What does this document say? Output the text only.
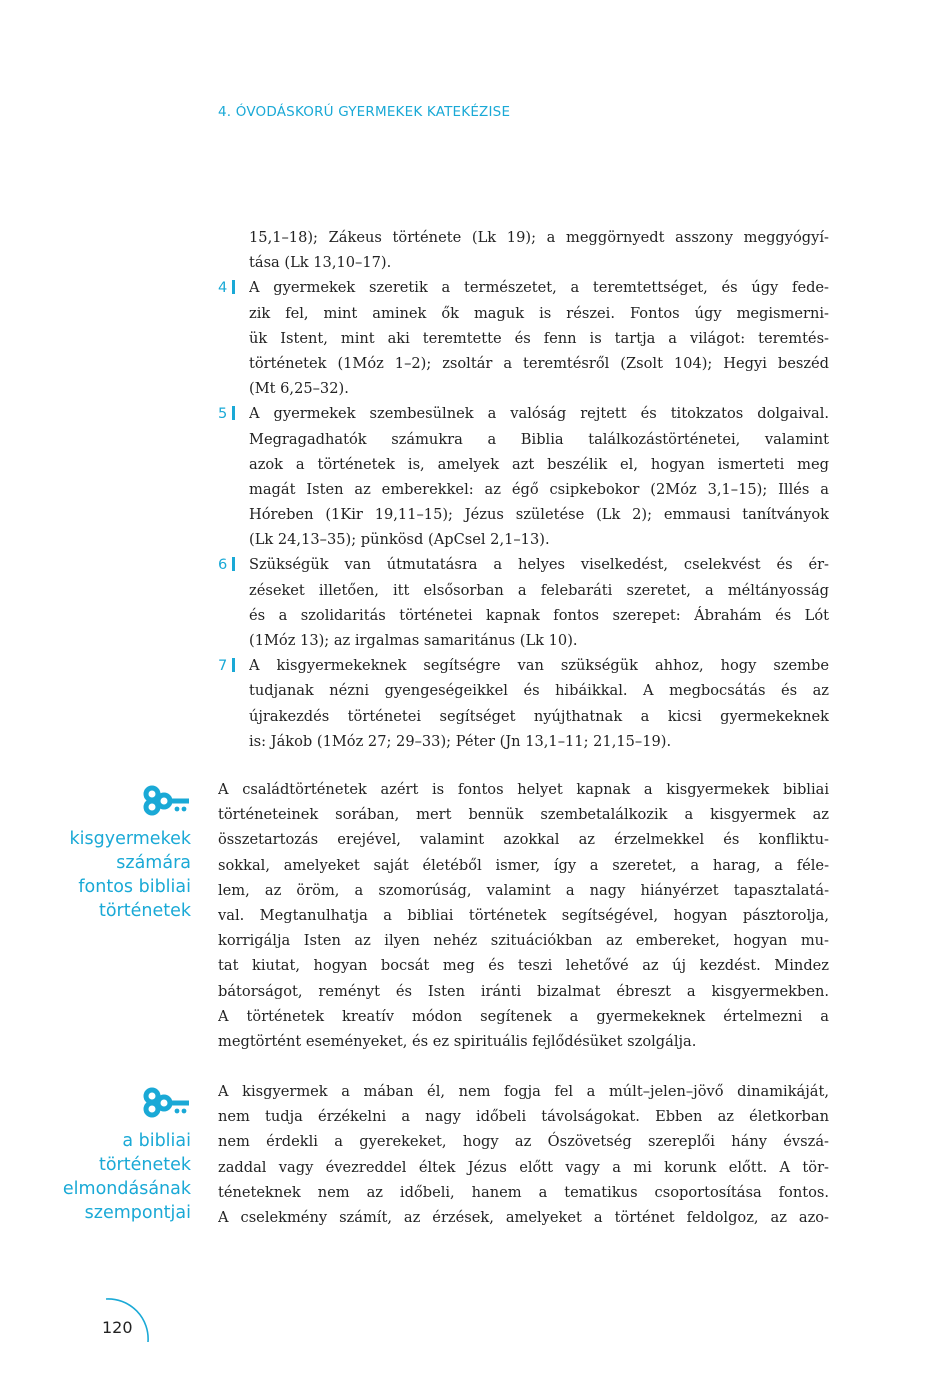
4. ÓVODÁSKORÚ GYERMEKEK KATEKÉZISE
15,1–18); Zákeus története (Lk 19); a meggörnyedt asszony meggyógyí-
tása (Lk 13,10–17).
4	A gyermekek szeretik a természetet, a teremtettséget, és úgy fede-
zik fel, mint aminek ők maguk is részei. Fontos úgy megismerni-
ük Istent, mint aki teremtette és fenn is tartja a világot: teremtés-
történetek (1Móz 1–2); zsoltár a teremtésről (Zsolt 104); Hegyi beszéd
(Mt 6,25–32).
5	A gyermekek szembesülnek a valóság rejtett és titokzatos dolgaival.
Megragadhatók számukra a Biblia találkozástörténetei, valamint
azok a történetek is, amelyek azt beszélik el, hogyan ismerteti meg
magát Isten az emberekkel: az égő csipkebokor (2Móz 3,1–15); Illés a
Hóreben (1Kir 19,11–15); Jézus születése (Lk 2); emmausi tanítványok
(Lk 24,13–35); pünkösd (ApCsel 2,1–13).
6	Szükségük van útmutatásra a helyes viselkedést, cselekvést és ér-
zéseket illetően, itt elsősorban a felebaráti szeretet, a méltányosság
és a szolidaritás történetei kapnak fontos szerepet: Ábrahám és Lót
(1Móz 13); az irgalmas samaritánus (Lk 10).
7	A kisgyermekeknek segítségre van szükségük ahhoz, hogy szembe
tudjanak nézni gyengeségeikkel és hibáikkal. A megbocsátás és az
újrakezdés történetei segítséget nyújthatnak a kicsi gyermekeknek
is: Jákob (1Móz 27; 29–33); Péter (Jn 13,1–11; 21,15–19).
kisgyermekek
számára
fontos bibliai
történetek
A családtörténetek azért is fontos helyet kapnak a kisgyermekek bibliai
történeteinek sorában, mert bennük szembetalálkozik a kisgyermek az
összetartozás erejével, valamint azokkal az érzelmekkel és konfliktu-
sokkal, amelyeket saját életéből ismer, így a szeretet, a harag, a féle-
lem, az öröm, a szomorúság, valamint a nagy hiányérzet tapasztalatá-
val. Megtanulhatja a bibliai történetek segítségével, hogyan pásztorolja,
korrigálja Isten az ilyen nehéz szituációkban az embereket, hogyan mu-
tat kiutat, hogyan bocsát meg és teszi lehetővé az új kezdést. Mindez
bátorságot, reményt és Isten iránti bizalmat ébreszt a kisgyermekben.
A történetek kreatív módon segítenek a gyermekeknek értelmezni a
megtörtént eseményeket, és ez spirituális fejlődésüket szolgálja.
a bibliai
történetek
elmondásának
szempontjai
A kisgyermek a mában él, nem fogja fel a múlt–jelen–jövő dinamikáját,
nem tudja érzékelni a nagy időbeli távolságokat. Ebben az életkorban
nem érdekli a gyerekeket, hogy az Ószövetség szereplői hány évszá-
zaddal vagy évezreddel éltek Jézus előtt vagy a mi korunk előtt. A tör-
téneteknek nem az időbeli, hanem a tematikus csoportosítása fontos.
A cselekmény számít, az érzések, amelyeket a történet feldolgoz, az azo-
120
